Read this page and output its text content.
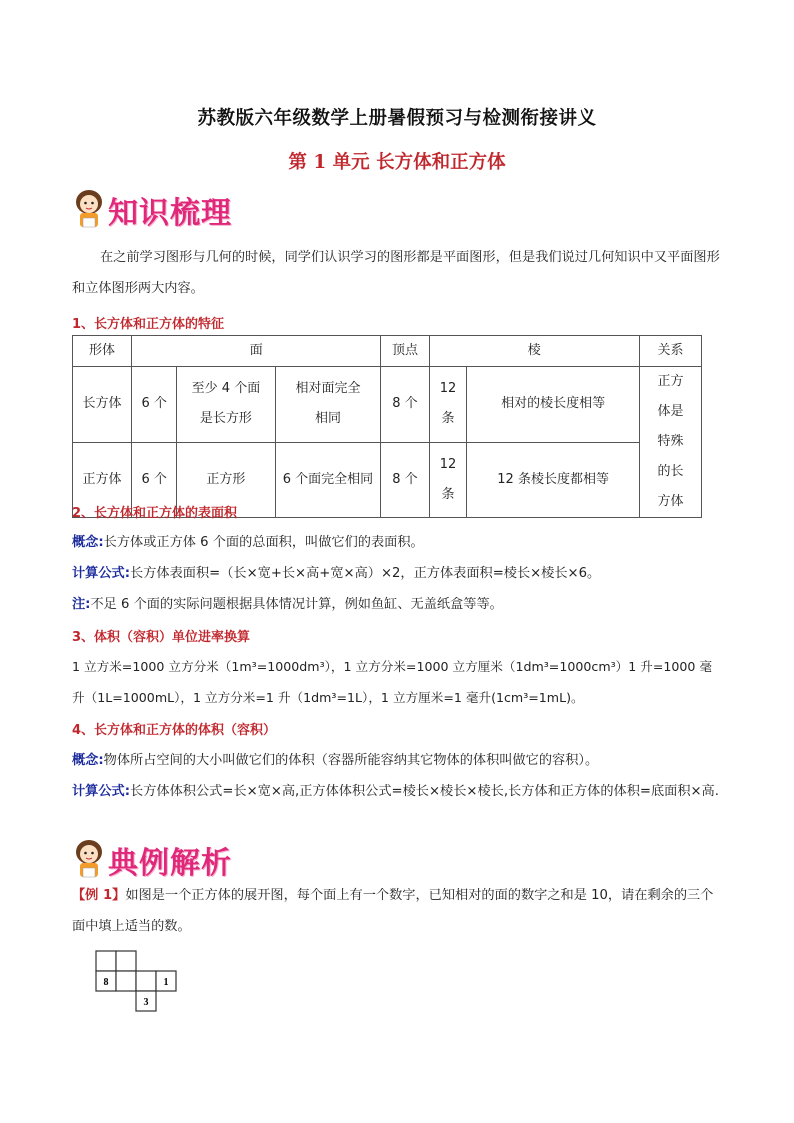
苏教版六年级数学上册暑假预习与检测衔接讲义
第 1 单元 长方体和正方体
知识梳理
在之前学习图形与几何的时候，同学们认识学习的图形都是平面图形，但是我们说过几何知识中又平面图形和立体图形两大内容。
1、长方体和正方体的特征
形体	面			顶点	棱		关系
长方体	6 个	至少 4 个面是长方形	相对面完全相同	8 个	12 条	相对的棱长度相等	正方体是特殊的长方体
正方体	6 个	正方形	6 个面完全相同	8 个	12 条	12 条棱长度都相等	
2、长方体和正方体的表面积
概念:长方体或正方体 6 个面的总面积，叫做它们的表面积。
计算公式:长方体表面积=（长×宽+长×高+宽×高）×2，正方体表面积=棱长×棱长×6。
注:不足 6 个面的实际问题根据具体情况计算，例如鱼缸、无盖纸盒等等。
3、体积（容积）单位进率换算
1 立方米=1000 立方分米（1m³=1000dm³），1 立方分米=1000 立方厘米（1dm³=1000cm³）1 升=1000 毫升（1L=1000mL），1 立方分米=1 升（1dm³=1L），1 立方厘米=1 毫升(1cm³=1mL)。
4、长方体和正方体的体积（容积）
概念:物体所占空间的大小叫做它们的体积（容器所能容纳其它物体的体积叫做它的容积）。
计算公式:长方体体积公式=长×宽×高,正方体体积公式=棱长×棱长×棱长,长方体和正方体的体积=底面积×高.
典例解析
【例 1】如图是一个正方体的展开图，每个面上有一个数字，已知相对的面的数字之和是 10，请在剩余的三个面中填上适当的数。
8	1
3
